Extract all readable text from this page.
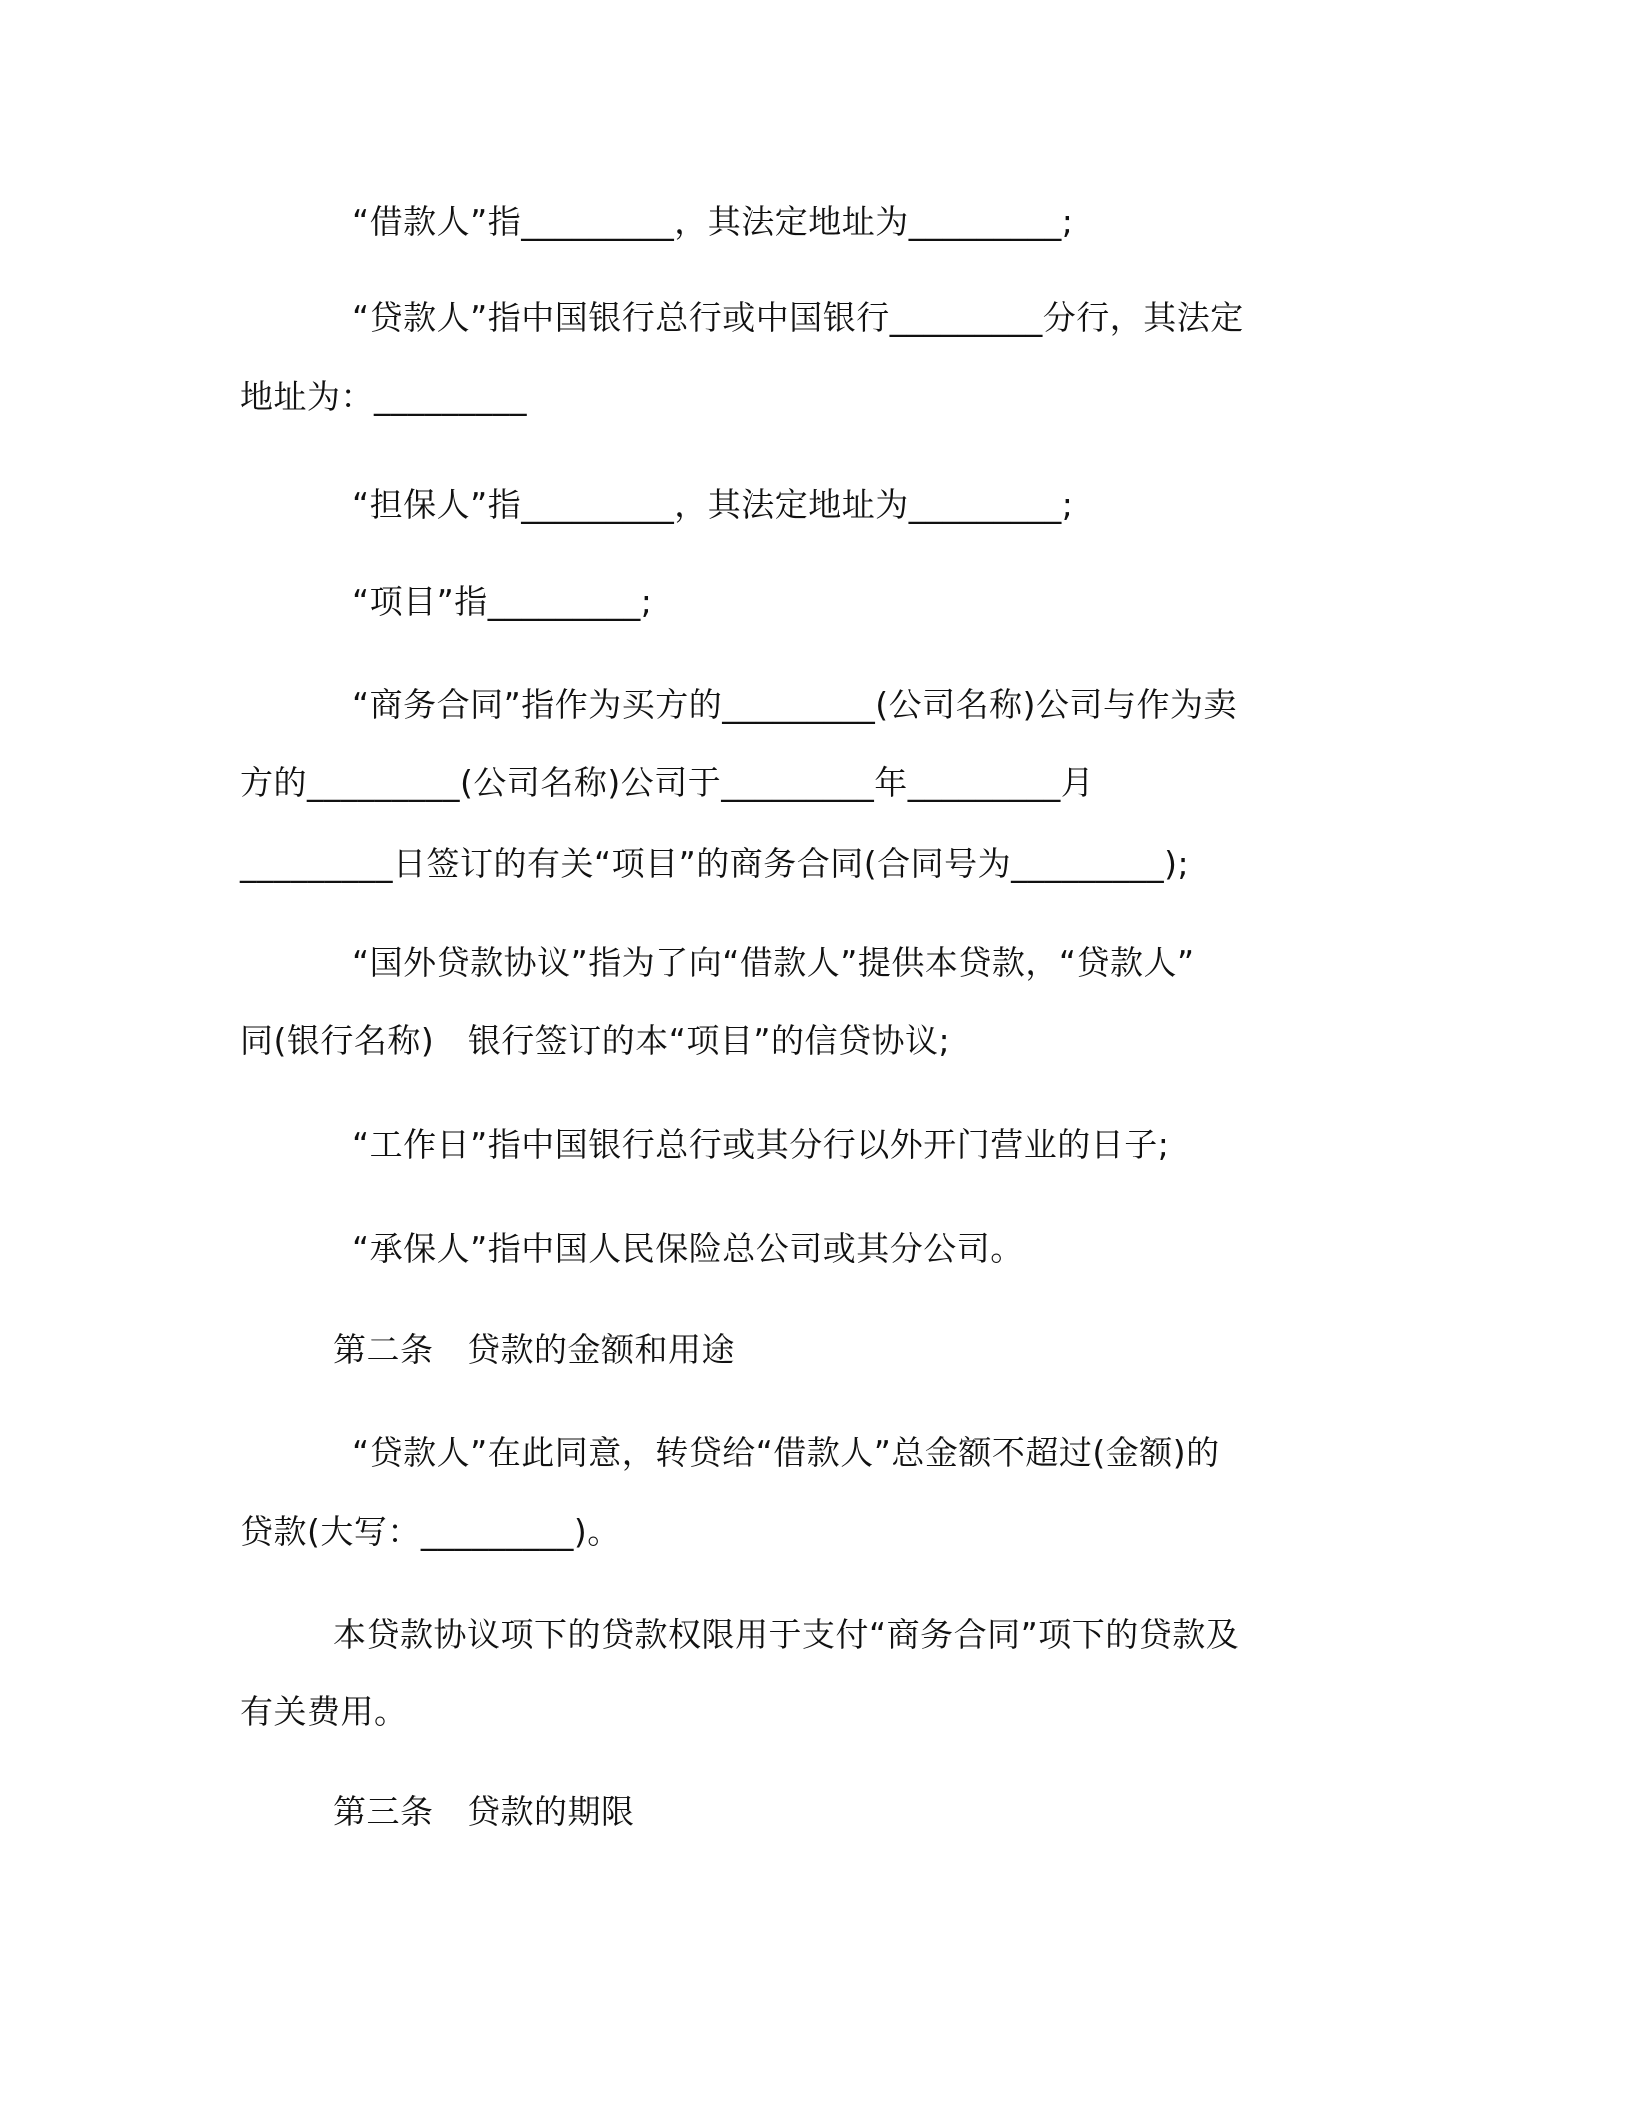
“借款人”指_________，其法定地址为_________;
“贷款人”指中国银行总行或中国银行_________分行，其法定
地址为：_________
“担保人”指_________，其法定地址为_________;
“项目”指_________;
“商务合同”指作为买方的_________(公司名称)公司与作为卖
方的_________(公司名称)公司于_________年_________月
_________日签订的有关“项目”的商务合同(合同号为_________);
“国外贷款协议”指为了向“借款人”提供本贷款，“贷款人”
同(银行名称)　银行签订的本“项目”的信贷协议;
“工作日”指中国银行总行或其分行以外开门营业的日子;
“承保人”指中国人民保险总公司或其分公司。
第二条　贷款的金额和用途
“贷款人”在此同意，转贷给“借款人”总金额不超过(金额)的
贷款(大写：_________)。
本贷款协议项下的贷款权限用于支付“商务合同”项下的贷款及
有关费用。
第三条　贷款的期限
